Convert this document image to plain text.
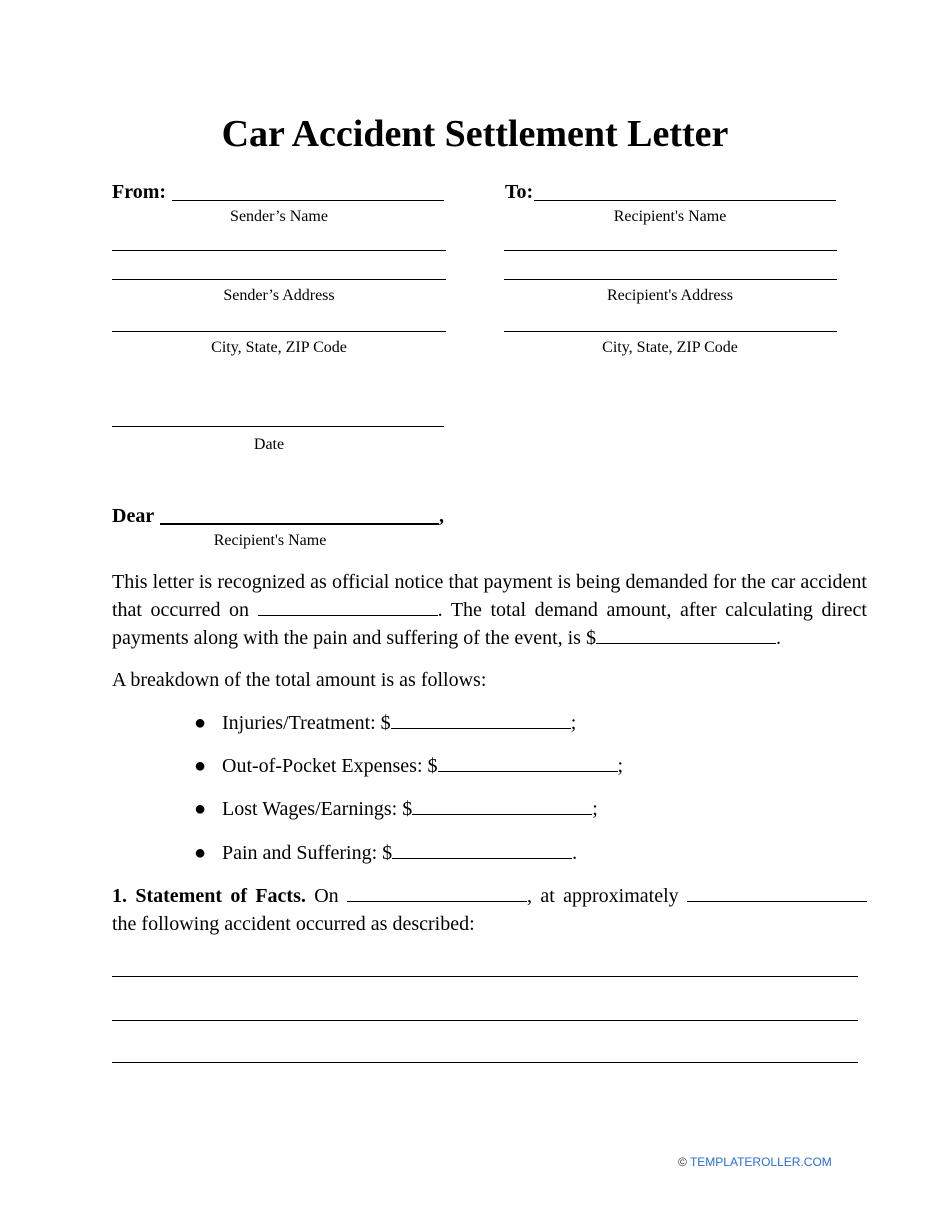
Car Accident Settlement Letter
From:
Sender’s Name
Sender’s Address
City, State, ZIP Code
Date
To:
Recipient's Name
Recipient's Address
City, State, ZIP Code
Dear	,
Recipient's Name
This letter is recognized as official notice that payment is being demanded for the car accident that occurred on	. The total demand amount, after calculating direct payments along with the pain and suffering of the event, is $	.
A breakdown of the total amount is as follows:
● Injuries/Treatment: $	;
● Out-of-Pocket Expenses: $	;
● Lost Wages/Earnings: $	;
● Pain and Suffering: $	.
1. Statement of Facts. On	, at approximately  the following accident occurred as described:
© TEMPLATEROLLER.COM
